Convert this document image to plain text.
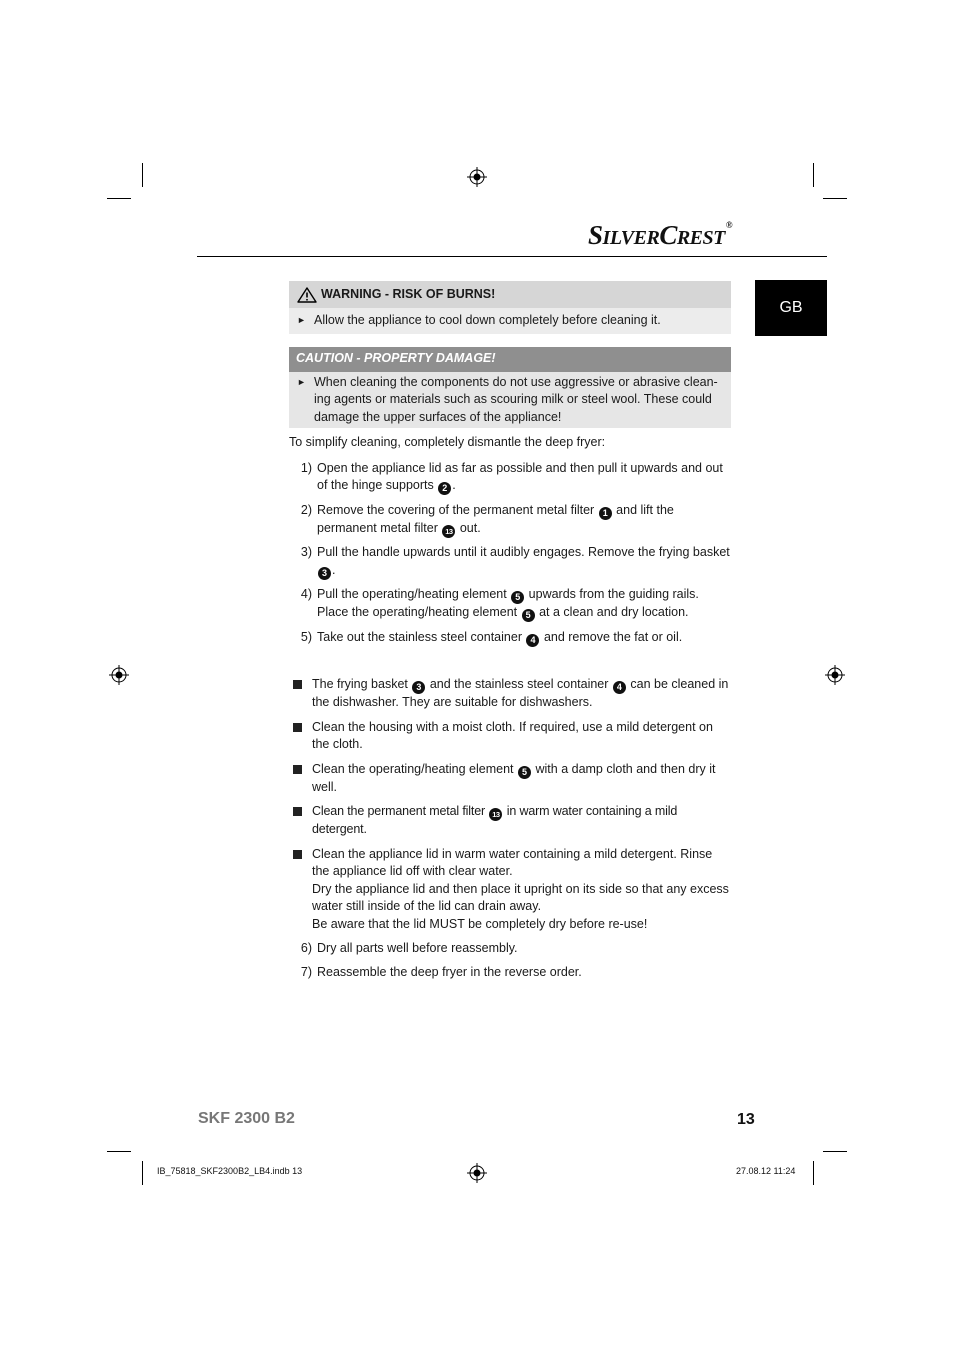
SILVERCREST®
GB
WARNING - RISK OF BURNS!
► Allow the appliance to cool down completely before cleaning it.
CAUTION - PROPERTY DAMAGE!
► When cleaning the components do not use aggressive or abrasive clean-ing agents or materials such as scouring milk or steel wool. These could damage the upper surfaces of the appliance!
To simplify cleaning, completely dismantle the deep fryer:
1) Open the appliance lid as far as possible and then pull it upwards and out of the hinge supports 2 .
2) Remove the covering of the permanent metal filter 1 and lift the permanent metal filter 13 out.
3) Pull the handle upwards until it audibly engages. Remove the frying basket 3 .
4) Pull the operating/heating element 5 upwards from the guiding rails.
Place the operating/heating element 5 at a clean and dry location.
5) Take out the stainless steel container 4 and remove the fat or oil.
The frying basket 3 and the stainless steel container 4 can be cleaned in the dishwasher. They are suitable for dishwashers.
Clean the housing with a moist cloth. If required, use a mild detergent on the cloth.
Clean the operating/heating element 5 with a damp cloth and then dry it well.
Clean the permanent metal filter 13 in warm water containing a mild detergent.
Clean the appliance lid in warm water containing a mild detergent. Rinse the appliance lid off with clear water.
Dry the appliance lid and then place it upright on its side so that any excess water still inside of the lid can drain away.
Be aware that the lid MUST be completely dry before re-use!
6) Dry all parts well before reassembly.
7) Reassemble the deep fryer in the reverse order.
SKF 2300 B2	13
IB_75818_SKF2300B2_LB4.indb 13	27.08.12 11:24
